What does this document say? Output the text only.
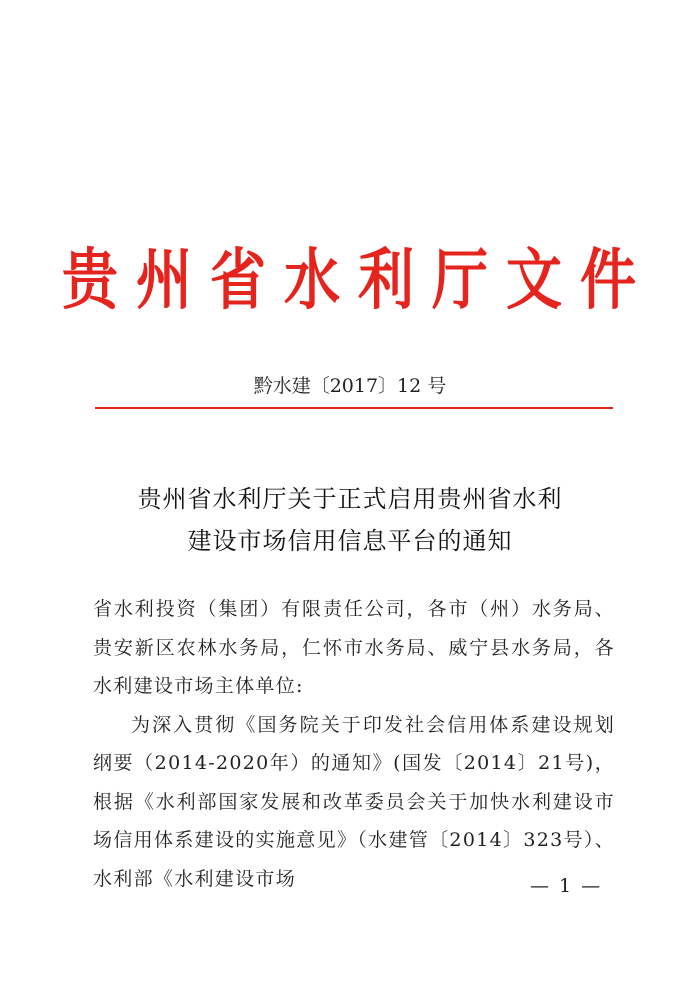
贵州省水利厅文件
黔水建〔2017〕12 号
贵州省水利厅关于正式启用贵州省水利
建设市场信用信息平台的通知

省水利投资（集团）有限责任公司，各市（州）水务局、贵安新区农林水务局，仁怀市水务局、威宁县水务局，各水利建设市场主体单位:

为深入贯彻《国务院关于印发社会信用体系建设规划纲要（2014-2020年）的通知》(国发〔2014〕21号)，根据《水利部国家发展和改革委员会关于加快水利建设市场信用体系建设的实施意见》（水建管〔2014〕323号）、水利部《水利建设市场	— 1 —
